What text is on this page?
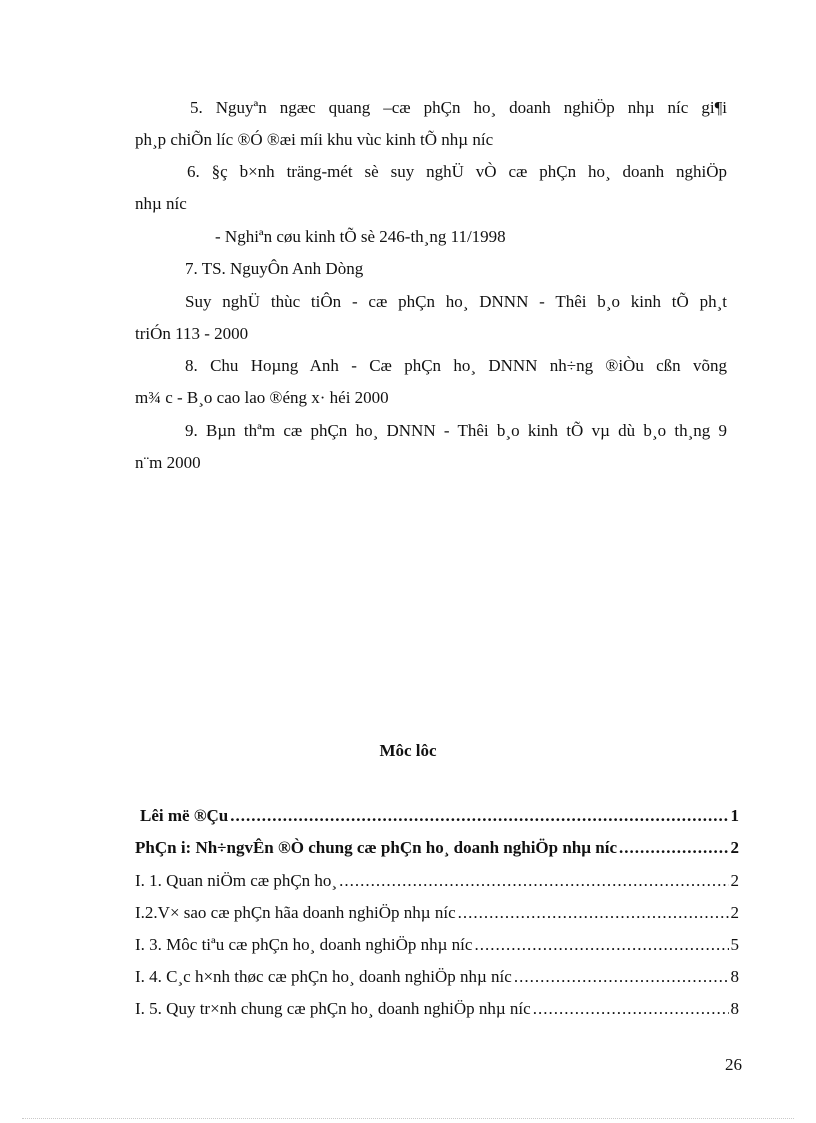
5. Nguyªn ngæc quang –cæ phÇn ho¸ doanh nghiÖp nhµ níc gi¶i
ph¸p chiÕn líc ®Ó ®æi míi khu vùc kinh tÕ nhµ níc
6. §ç b×nh träng-mét sè suy nghÜ vÒ cæ phÇn ho¸ doanh nghiÖp
nhµ níc
- Nghiªn cøu kinh tÕ sè 246-th¸ng 11/1998
7. TS. NguyÔn Anh Dòng
Suy nghÜ thùc tiÔn - cæ phÇn ho¸ DNNN - Thêi b¸o kinh tÕ ph¸t
triÓn 113 - 2000
8. Chu Hoµng Anh - Cæ phÇn ho¸ DNNN nh÷ng ®iÒu cßn võng
m¾ c - B¸o cao lao ®éng x· héi 2000
9. Bµn thªm cæ phÇn ho¸ DNNN - Thêi b¸o kinh tÕ vµ dù b¸o th¸ng 9
n¨m 2000
Môc lôc
Lêi më ®Çu .....	1
PhÇn i: Nh÷ngvÊn ®Ò chung cæ phÇn ho¸ doanh nghiÖp nhµ níc .....	2
I. 1. Quan niÖm cæ phÇn ho¸ .....	2
I.2.V× sao cæ phÇn hãa doanh nghiÖp nhµ níc .....	2
I. 3. Môc tiªu cæ phÇn ho¸ doanh nghiÖp nhµ níc .....	5
I. 4. C¸c h×nh thøc cæ phÇn ho¸ doanh nghiÖp nhµ níc .....	8
I. 5. Quy tr×nh chung cæ phÇn ho¸ doanh nghiÖp nhµ níc .....	8
26
